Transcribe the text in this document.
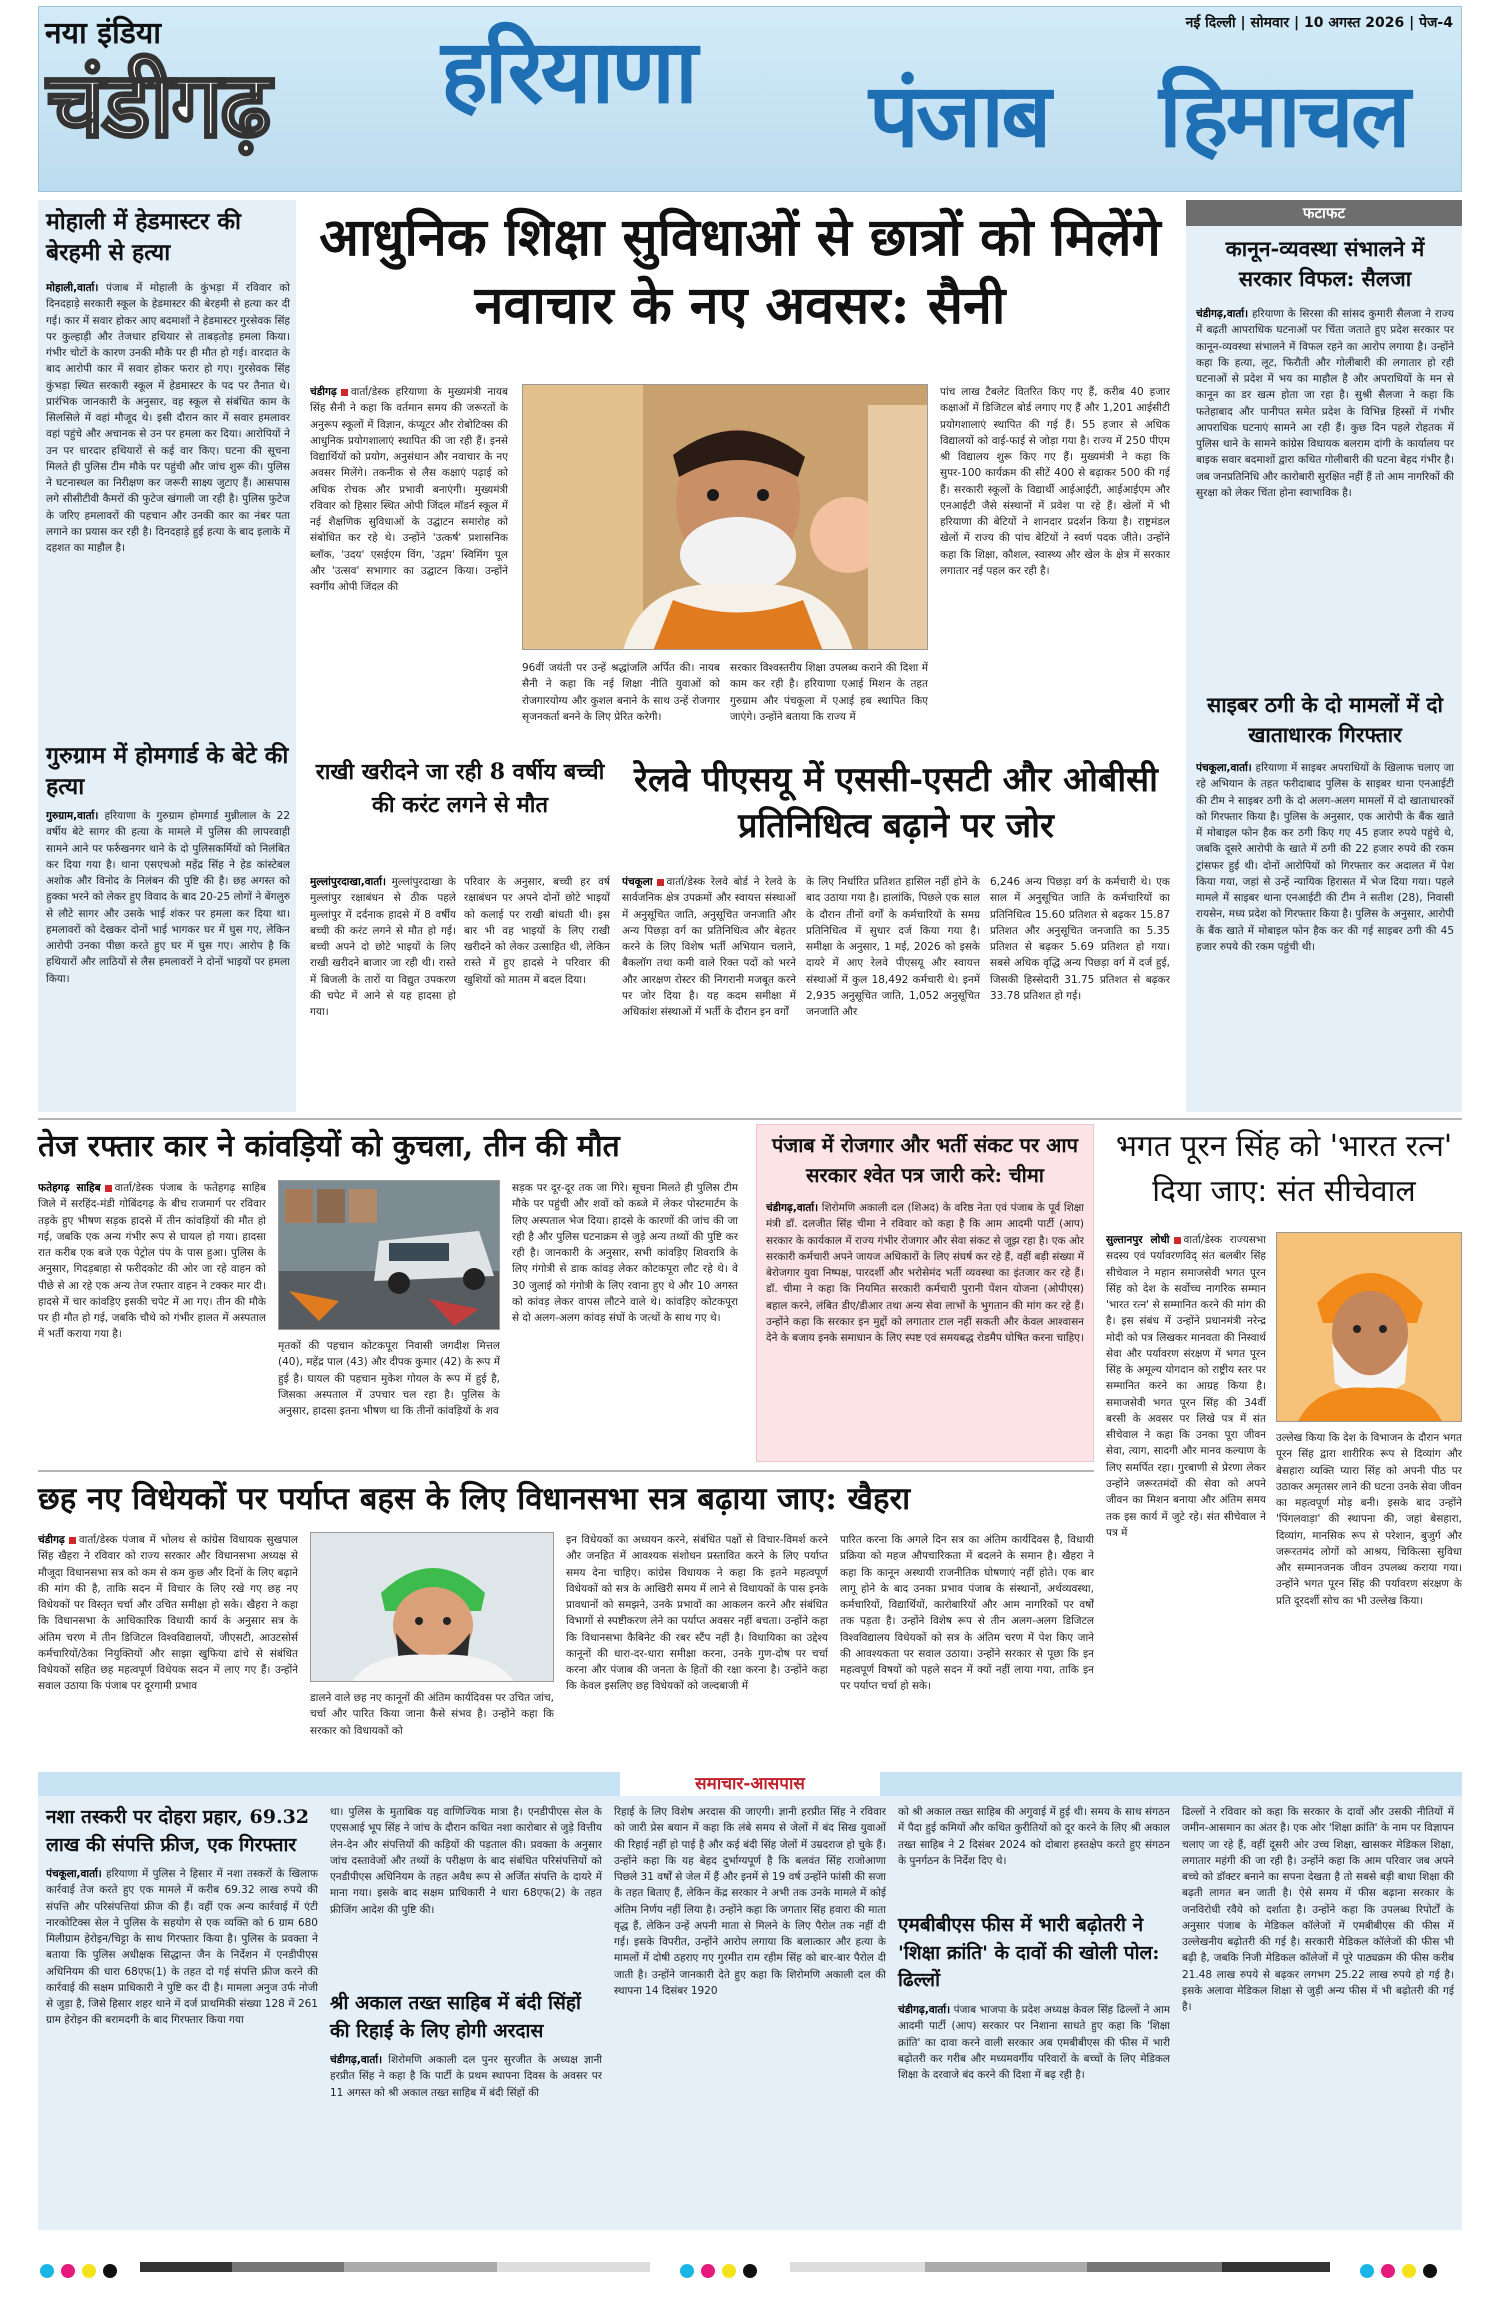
नया इंडिया
चंडीगढ़ हरियाणा पंजाब हिमाचल
नई दिल्ली | सोमवार | 10 अगस्त 2026 | पेज-4
मोहाली में हेडमास्टर की बेरहमी से हत्या
मोहाली,वार्ता। पंजाब में मोहाली के कुंभड़ा में रविवार को दिनदहाड़े सरकारी स्कूल के हेडमास्टर की बेरहमी से हत्या कर दी गई। कार में सवार होकर आए बदमाशों ने हेडमास्टर गुरसेवक सिंह पर कुल्हाड़ी और तेजधार हथियार से ताबड़तोड़ हमला किया। गंभीर चोटों के कारण उनकी मौके पर ही मौत हो गई। वारदात के बाद आरोपी कार में सवार होकर फरार हो गए। गुरसेवक सिंह कुंभड़ा स्थित सरकारी स्कूल में हेडमास्टर के पद पर तैनात थे। प्रारंभिक जानकारी के अनुसार, वह स्कूल से संबंधित काम के सिलसिले में वहां मौजूद थे। इसी दौरान कार में सवार हमलावर वहां पहुंचे और अचानक से उन पर हमला कर दिया। आरोपियों ने उन पर धारदार हथियारों से कई वार किए। घटना की सूचना मिलते ही पुलिस टीम मौके पर पहुंची और जांच शुरू की। पुलिस ने घटनास्थल का निरीक्षण कर जरूरी साक्ष्य जुटाए हैं। आसपास लगे सीसीटीवी कैमरों की फुटेज खंगाली जा रही है। पुलिस फुटेज के जरिए हमलावरों की पहचान और उनकी कार का नंबर पता लगाने का प्रयास कर रही है। दिनदहाड़े हुई हत्या के बाद इलाके में दहशत का माहौल है।
गुरुग्राम में होमगार्ड के बेटे की हत्या
गुरुग्राम,वार्ता। हरियाणा के गुरुग्राम होमगार्ड मुन्नीलाल के 22 वर्षीय बेटे सागर की हत्या के मामले में पुलिस की लापरवाही सामने आने पर फर्रुखनगर थाने के दो पुलिसकर्मियों को निलंबित कर दिया गया है। थाना एसएचओ महेंद्र सिंह ने हेड कांस्टेबल अशोक और विनोद के निलंबन की पुष्टि की है। छह अगस्त को हुक्का भरने को लेकर हुए विवाद के बाद 20-25 लोगों ने बेंगलुरु से लौटे सागर और उसके भाई शंकर पर हमला कर दिया था। हमलावरों को देखकर दोनों भाई भागकर घर में घुस गए, लेकिन आरोपी उनका पीछा करते हुए घर में घुस गए। आरोप है कि हथियारों और लाठियों से लैस हमलावरों ने दोनों भाइयों पर हमला किया।
आधुनिक शिक्षा सुविधाओं से छात्रों को मिलेंगे नवाचार के नए अवसर: सैनी
चंडीगढ़ वार्ता/डेस्क हरियाणा के मुख्यमंत्री नायब सिंह सैनी ने कहा कि वर्तमान समय की जरूरतों के अनुरूप स्कूलों में विज्ञान, कंप्यूटर और रोबोटिक्स की आधुनिक प्रयोगशालाएं स्थापित की जा रही हैं। इनसे विद्यार्थियों को प्रयोग, अनुसंधान और नवाचार के नए अवसर मिलेंगे। तकनीक से लैस कक्षाएं पढ़ाई को अधिक रोचक और प्रभावी बनाएंगी। मुख्यमंत्री रविवार को हिसार स्थित ओपी जिंदल मॉडर्न स्कूल में नई शैक्षणिक सुविधाओं के उद्घाटन समारोह को संबोधित कर रहे थे। उन्होंने 'उत्कर्ष' प्रशासनिक ब्लॉक, 'उदय' एसईएम विंग, 'उद्गम' स्विमिंग पूल और 'उत्सव' सभागार का उद्घाटन किया। उन्होंने स्वर्गीय ओपी जिंदल की
96वीं जयंती पर उन्हें श्रद्धांजलि अर्पित की। नायब सैनी ने कहा कि नई शिक्षा नीति युवाओं को रोजगारयोग्य और कुशल बनाने के साथ उन्हें रोजगार सृजनकर्ता बनने के लिए प्रेरित करेगी।
सरकार विश्वस्तरीय शिक्षा उपलब्ध कराने की दिशा में काम कर रही है। हरियाणा एआई मिशन के तहत गुरुग्राम और पंचकूला में एआई हब स्थापित किए जाएंगे। उन्होंने बताया कि राज्य में
पांच लाख टैबलेट वितरित किए गए हैं, करीब 40 हजार कक्षाओं में डिजिटल बोर्ड लगाए गए हैं और 1,201 आईसीटी प्रयोगशालाएं स्थापित की गई हैं। 55 हजार से अधिक विद्यालयों को वाई-फाई से जोड़ा गया है। राज्य में 250 पीएम श्री विद्यालय शुरू किए गए हैं। मुख्यमंत्री ने कहा कि सुपर-100 कार्यक्रम की सीटें 400 से बढ़ाकर 500 की गई हैं। सरकारी स्कूलों के विद्यार्थी आईआईटी, आईआईएम और एनआईटी जैसे संस्थानों में प्रवेश पा रहे हैं। खेलों में भी हरियाणा की बेटियों ने शानदार प्रदर्शन किया है। राष्ट्रमंडल खेलों में राज्य की पांच बेटियों ने स्वर्ण पदक जीते। उन्होंने कहा कि शिक्षा, कौशल, स्वास्थ्य और खेल के क्षेत्र में सरकार लगातार नई पहल कर रही है।
फटाफट
कानून-व्यवस्था संभालने में सरकार विफल: सैलजा
चंडीगढ़,वार्ता। हरियाणा के सिरसा की सांसद कुमारी सैलजा ने राज्य में बढ़ती आपराधिक घटनाओं पर चिंता जताते हुए प्रदेश सरकार पर कानून-व्यवस्था संभालने में विफल रहने का आरोप लगाया है। उन्होंने कहा कि हत्या, लूट, फिरौती और गोलीबारी की लगातार हो रही घटनाओं से प्रदेश में भय का माहौल है और अपराधियों के मन से कानून का डर खत्म होता जा रहा है। सुश्री सैलजा ने कहा कि फतेहाबाद और पानीपत समेत प्रदेश के विभिन्न हिस्सों में गंभीर आपराधिक घटनाएं सामने आ रही हैं। कुछ दिन पहले रोहतक में पुलिस थाने के सामने कांग्रेस विधायक बलराम दांगी के कार्यालय पर बाइक सवार बदमाशों द्वारा कथित गोलीबारी की घटना बेहद गंभीर है। जब जनप्रतिनिधि और कारोबारी सुरक्षित नहीं हैं तो आम नागरिकों की सुरक्षा को लेकर चिंता होना स्वाभाविक है।
साइबर ठगी के दो मामलों में दो खाताधारक गिरफ्तार
पंचकूला,वार्ता। हरियाणा में साइबर अपराधियों के खिलाफ चलाए जा रहे अभियान के तहत फरीदाबाद पुलिस के साइबर थाना एनआईटी की टीम ने साइबर ठगी के दो अलग-अलग मामलों में दो खाताधारकों को गिरफ्तार किया है। पुलिस के अनुसार, एक आरोपी के बैंक खाते में मोबाइल फोन हैक कर ठगी किए गए 45 हजार रुपये पहुंचे थे, जबकि दूसरे आरोपी के खाते में ठगी की 22 हजार रुपये की रकम ट्रांसफर हुई थी। दोनों आरोपियों को गिरफ्तार कर अदालत में पेश किया गया, जहां से उन्हें न्यायिक हिरासत में भेज दिया गया। पहले मामले में साइबर थाना एनआईटी की टीम ने सतीश (28), निवासी रायसेन, मध्य प्रदेश को गिरफ्तार किया है। पुलिस के अनुसार, आरोपी के बैंक खाते में मोबाइल फोन हैक कर की गई साइबर ठगी की 45 हजार रुपये की रकम पहुंची थी।
राखी खरीदने जा रही 8 वर्षीय बच्ची की करंट लगने से मौत
मुल्लांपुरदाखा,वार्ता। मुल्लांपुरदाखा के मुल्लांपुर रक्षाबंधन से ठीक पहले मुल्लांपुर में दर्दनाक हादसे में 8 वर्षीय बच्ची की करंट लगने से मौत हो गई। बच्ची अपने दो छोटे भाइयों के लिए राखी खरीदने बाजार जा रही थी। रास्ते में बिजली के तारों या विद्युत उपकरण की चपेट में आने से यह हादसा हो गया।
परिवार के अनुसार, बच्ची हर वर्ष रक्षाबंधन पर अपने दोनों छोटे भाइयों को कलाई पर राखी बांधती थी। इस बार भी वह भाइयों के लिए राखी खरीदने को लेकर उत्साहित थी, लेकिन रास्ते में हुए हादसे ने परिवार की खुशियों को मातम में बदल दिया।
रेलवे पीएसयू में एससी-एसटी और ओबीसी प्रतिनिधित्व बढ़ाने पर जोर
पंचकूला वार्ता/डेस्क रेलवे बोर्ड ने रेलवे के सार्वजनिक क्षेत्र उपक्रमों और स्वायत्त संस्थाओं में अनुसूचित जाति, अनुसूचित जनजाति और अन्य पिछड़ा वर्ग का प्रतिनिधित्व और बेहतर करने के लिए विशेष भर्ती अभियान चलाने, बैकलॉग तथा कमी वाले रिक्त पदों को भरने और आरक्षण रोस्टर की निगरानी मजबूत करने पर जोर दिया है। यह कदम समीक्षा में अधिकांश संस्थाओं में भर्ती के दौरान इन वर्गों
के लिए निर्धारित प्रतिशत हासिल नहीं होने के बाद उठाया गया है। हालांकि, पिछले एक साल के दौरान तीनों वर्गों के कर्मचारियों के समग्र प्रतिनिधित्व में सुधार दर्ज किया गया है। समीक्षा के अनुसार, 1 मई, 2026 को इसके दायरे में आए रेलवे पीएसयू और स्वायत्त संस्थाओं में कुल 18,492 कर्मचारी थे। इनमें 2,935 अनुसूचित जाति, 1,052 अनुसूचित जनजाति और
6,246 अन्य पिछड़ा वर्ग के कर्मचारी थे। एक साल में अनुसूचित जाति के कर्मचारियों का प्रतिनिधित्व 15.60 प्रतिशत से बढ़कर 15.87 प्रतिशत और अनुसूचित जनजाति का 5.35 प्रतिशत से बढ़कर 5.69 प्रतिशत हो गया। सबसे अधिक वृद्धि अन्य पिछड़ा वर्ग में दर्ज हुई, जिसकी हिस्सेदारी 31.75 प्रतिशत से बढ़कर 33.78 प्रतिशत हो गई।
तेज रफ्तार कार ने कांवड़ियों को कुचला, तीन की मौत
फतेहगढ़ साहिब वार्ता/डेस्क पंजाब के फतेहगढ़ साहिब जिले में सरहिंद-मंडी गोबिंदगढ़ के बीच राजमार्ग पर रविवार तड़के हुए भीषण सड़क हादसे में तीन कांवड़ियों की मौत हो गई, जबकि एक अन्य गंभीर रूप से घायल हो गया। हादसा रात करीब एक बजे एक पेट्रोल पंप के पास हुआ। पुलिस के अनुसार, गिदड़बाहा से फरीदकोट की ओर जा रहे वाहन को पीछे से आ रहे एक अन्य तेज रफ्तार वाहन ने टक्कर मार दी। हादसे में चार कांवड़िए इसकी चपेट में आ गए। तीन की मौके पर ही मौत हो गई, जबकि चौथे को गंभीर हालत में अस्पताल में भर्ती कराया गया है।
मृतकों की पहचान कोटकपूरा निवासी जगदीश मित्तल (40), महेंद्र पाल (43) और दीपक कुमार (42) के रूप में हुई है। घायल की पहचान मुकेश गोयल के रूप में हुई है, जिसका अस्पताल में उपचार चल रहा है। पुलिस के अनुसार, हादसा इतना भीषण था कि तीनों कांवड़ियों के शव
सड़क पर दूर-दूर तक जा गिरे। सूचना मिलते ही पुलिस टीम मौके पर पहुंची और शवों को कब्जे में लेकर पोस्टमार्टम के लिए अस्पताल भेज दिया। हादसे के कारणों की जांच की जा रही है और पुलिस घटनाक्रम से जुड़े अन्य तथ्यों की पुष्टि कर रही है। जानकारी के अनुसार, सभी कांवड़िए शिवरात्रि के लिए गंगोत्री से डाक कांवड़ लेकर कोटकपूरा लौट रहे थे। वे 30 जुलाई को गंगोत्री के लिए रवाना हुए थे और 10 अगस्त को कांवड़ लेकर वापस लौटने वाले थे। कांवड़िए कोटकपूरा से दो अलग-अलग कांवड़ संघों के जत्थों के साथ गए थे।
पंजाब में रोजगार और भर्ती संकट पर आप सरकार श्वेत पत्र जारी करे: चीमा
चंडीगढ़,वार्ता। शिरोमणि अकाली दल (शिअद) के वरिष्ठ नेता एवं पंजाब के पूर्व शिक्षा मंत्री डॉ. दलजीत सिंह चीमा ने रविवार को कहा है कि आम आदमी पार्टी (आप) सरकार के कार्यकाल में राज्य गंभीर रोजगार और सेवा संकट से जूझ रहा है। एक ओर सरकारी कर्मचारी अपने जायज अधिकारों के लिए संघर्ष कर रहे हैं, वहीं बड़ी संख्या में बेरोजगार युवा निष्पक्ष, पारदर्शी और भरोसेमंद भर्ती व्यवस्था का इंतजार कर रहे हैं। डॉ. चीमा ने कहा कि नियमित सरकारी कर्मचारी पुरानी पेंशन योजना (ओपीएस) बहाल करने, लंबित डीए/डीआर तथा अन्य सेवा लाभों के भुगतान की मांग कर रहे हैं। उन्होंने कहा कि सरकार इन मुद्दों को लगातार टाल नहीं सकती और केवल आश्वासन देने के बजाय इनके समाधान के लिए स्पष्ट एवं समयबद्ध रोडमैप घोषित करना चाहिए।
भगत पूरन सिंह को 'भारत रत्न' दिया जाए: संत सीचेवाल
सुल्तानपुर लोधी वार्ता/डेस्क राज्यसभा सदस्य एवं पर्यावरणविद् संत बलबीर सिंह सीचेवाल ने महान समाजसेवी भगत पूरन सिंह को देश के सर्वोच्च नागरिक सम्मान 'भारत रत्न' से सम्मानित करने की मांग की है। इस संबंध में उन्होंने प्रधानमंत्री नरेन्द्र मोदी को पत्र लिखकर मानवता की निस्वार्थ सेवा और पर्यावरण संरक्षण में भगत पूरन सिंह के अमूल्य योगदान को राष्ट्रीय स्तर पर सम्मानित करने का आग्रह किया है। समाजसेवी भगत पूरन सिंह की 34वीं बरसी के अवसर पर लिखे पत्र में संत सीचेवाल ने कहा कि उनका पूरा जीवन सेवा, त्याग, सादगी और मानव कल्याण के लिए समर्पित रहा। गुरबाणी से प्रेरणा लेकर उन्होंने जरूरतमंदों की सेवा को अपने जीवन का मिशन बनाया और अंतिम समय तक इस कार्य में जुटे रहे। संत सीचेवाल ने पत्र में
उल्लेख किया कि देश के विभाजन के दौरान भगत पूरन सिंह द्वारा शारीरिक रूप से दिव्यांग और बेसहारा व्यक्ति प्यारा सिंह को अपनी पीठ पर उठाकर अमृतसर लाने की घटना उनके सेवा जीवन का महत्वपूर्ण मोड़ बनी। इसके बाद उन्होंने 'पिंगलवाड़ा' की स्थापना की, जहां बेसहारा, दिव्यांग, मानसिक रूप से परेशान, बुजुर्ग और जरूरतमंद लोगों को आश्रय, चिकित्सा सुविधा और सम्मानजनक जीवन उपलब्ध कराया गया। उन्होंने भगत पूरन सिंह की पर्यावरण संरक्षण के प्रति दूरदर्शी सोच का भी उल्लेख किया।
छह नए विधेयकों पर पर्याप्त बहस के लिए विधानसभा सत्र बढ़ाया जाए: खैहरा
चंडीगढ़ वार्ता/डेस्क पंजाब में भोलथ से कांग्रेस विधायक सुखपाल सिंह खैहरा ने रविवार को राज्य सरकार और विधानसभा अध्यक्ष से मौजूदा विधानसभा सत्र को कम से कम कुछ और दिनों के लिए बढ़ाने की मांग की है, ताकि सदन में विचार के लिए रखे गए छह नए विधेयकों पर विस्तृत चर्चा और उचित समीक्षा हो सके। खैहरा ने कहा कि विधानसभा के आधिकारिक विधायी कार्य के अनुसार सत्र के अंतिम चरण में तीन डिजिटल विश्वविद्यालयों, जीएसटी, आउटसोर्स कर्मचारियों/ठेका नियुक्तियों और साझा खुफिया ढांचे से संबंधित विधेयकों सहित छह महत्वपूर्ण विधेयक सदन में लाए गए हैं। उन्होंने सवाल उठाया कि पंजाब पर दूरगामी प्रभाव
डालने वाले छह नए कानूनों की अंतिम कार्यदिवस पर उचित जांच, चर्चा और पारित किया जाना कैसे संभव है। उन्होंने कहा कि सरकार को विधायकों को
इन विधेयकों का अध्ययन करने, संबंधित पक्षों से विचार-विमर्श करने और जनहित में आवश्यक संशोधन प्रस्तावित करने के लिए पर्याप्त समय देना चाहिए। कांग्रेस विधायक ने कहा कि इतने महत्वपूर्ण विधेयकों को सत्र के आखिरी समय में लाने से विधायकों के पास इनके प्रावधानों को समझने, उनके प्रभावों का आकलन करने और संबंधित विभागों से स्पष्टीकरण लेने का पर्याप्त अवसर नहीं बचता। उन्होंने कहा कि विधानसभा कैबिनेट की रबर स्टैंप नहीं है। विधायिका का उद्देश्य कानूनों की धारा-दर-धारा समीक्षा करना, उनके गुण-दोष पर चर्चा करना और पंजाब की जनता के हितों की रक्षा करना है। उन्होंने कहा कि केवल इसलिए छह विधेयकों को जल्दबाजी में
पारित करना कि अगले दिन सत्र का अंतिम कार्यदिवस है, विधायी प्रक्रिया को महज औपचारिकता में बदलने के समान है। खैहरा ने कहा कि कानून अस्थायी राजनीतिक घोषणाएं नहीं होते। एक बार लागू होने के बाद उनका प्रभाव पंजाब के संस्थानों, अर्थव्यवस्था, कर्मचारियों, विद्यार्थियों, कारोबारियों और आम नागरिकों पर वर्षों तक पड़ता है। उन्होंने विशेष रूप से तीन अलग-अलग डिजिटल विश्वविद्यालय विधेयकों को सत्र के अंतिम चरण में पेश किए जाने की आवश्यकता पर सवाल उठाया। उन्होंने सरकार से पूछा कि इन महत्वपूर्ण विषयों को पहले सदन में क्यों नहीं लाया गया, ताकि इन पर पर्याप्त चर्चा हो सके।
समाचार-आसपास
नशा तस्करी पर दोहरा प्रहार, 69.32 लाख की संपत्ति फ्रीज, एक गिरफ्तार
पंचकूला,वार्ता। हरियाणा में पुलिस ने हिसार में नशा तस्करों के खिलाफ कार्रवाई तेज करते हुए एक मामले में करीब 69.32 लाख रुपये की संपत्ति और परिसंपत्तियां फ्रीज की हैं। वहीं एक अन्य कार्रवाई में एंटी नारकोटिक्स सेल ने पुलिस के सहयोग से एक व्यक्ति को 6 ग्राम 680 मिलीग्राम हेरोइन/चिट्टा के साथ गिरफ्तार किया है। पुलिस के प्रवक्ता ने बताया कि पुलिस अधीक्षक सिद्धान्त जैन के निर्देशन में एनडीपीएस अधिनियम की धारा 68एफ(1) के तहत दो गई संपत्ति फ्रीज करने की कार्रवाई की सक्षम प्राधिकारी ने पुष्टि कर दी है। मामला अनुज उर्फ नोजी से जुड़ा है, जिसे हिसार शहर थाने में दर्ज प्राथमिकी संख्या 128 में 261 ग्राम हेरोइन की बरामदगी के बाद गिरफ्तार किया गया
था। पुलिस के मुताबिक यह वाणिज्यिक मात्रा है। एनडीपीएस सेल के एएसआई भूप सिंह ने जांच के दौरान कथित नशा कारोबार से जुड़े वित्तीय लेन-देन और संपत्तियों की कड़ियों की पड़ताल की। प्रवक्ता के अनुसार जांच दस्तावेजों और तथ्यों के परीक्षण के बाद संबंधित परिसंपत्तियों को एनडीपीएस अधिनियम के तहत अवैध रूप से अर्जित संपत्ति के दायरे में माना गया। इसके बाद सक्षम प्राधिकारी ने धारा 68एफ(2) के तहत फ्रीजिंग आदेश की पुष्टि की।
श्री अकाल तख्त साहिब में बंदी सिंहों की रिहाई के लिए होगी अरदास
चंडीगढ़,वार्ता। शिरोमणि अकाली दल पुनर सुरजीत के अध्यक्ष ज्ञानी हरप्रीत सिंह ने कहा है कि पार्टी के प्रथम स्थापना दिवस के अवसर पर 11 अगस्त को श्री अकाल तख्त साहिब में बंदी सिंहों की
रिहाई के लिए विशेष अरदास की जाएगी। ज्ञानी हरप्रीत सिंह ने रविवार को जारी प्रेस बयान में कहा कि लंबे समय से जेलों में बंद सिख युवाओं की रिहाई नहीं हो पाई है और कई बंदी सिंह जेलों में उम्रदराज हो चुके हैं। उन्होंने कहा कि यह बेहद दुर्भाग्यपूर्ण है कि बलवंत सिंह राजोआणा पिछले 31 वर्षों से जेल में हैं और इनमें से 19 वर्ष उन्होंने फांसी की सजा के तहत बिताए हैं, लेकिन केंद्र सरकार ने अभी तक उनके मामले में कोई अंतिम निर्णय नहीं लिया है। उन्होंने कहा कि जगतार सिंह हवारा की माता वृद्ध हैं, लेकिन उन्हें अपनी माता से मिलने के लिए पैरोल तक नहीं दी गई। इसके विपरीत, उन्होंने आरोप लगाया कि बलात्कार और हत्या के मामलों में दोषी ठहराए गए गुरमीत राम रहीम सिंह को बार-बार पैरोल दी जाती है। उन्होंने जानकारी देते हुए कहा कि शिरोमणि अकाली दल की स्थापना 14 दिसंबर 1920
को श्री अकाल तख्त साहिब की अगुवाई में हुई थी। समय के साथ संगठन में पैदा हुई कमियों और कथित कुरीतियों को दूर करने के लिए श्री अकाल तख्त साहिब ने 2 दिसंबर 2024 को दोबारा हस्तक्षेप करते हुए संगठन के पुनर्गठन के निर्देश दिए थे।
एमबीबीएस फीस में भारी बढ़ोतरी ने 'शिक्षा क्रांति' के दावों की खोली पोल: ढिल्लों
चंडीगढ़,वार्ता। पंजाब भाजपा के प्रदेश अध्यक्ष केवल सिंह ढिल्लों ने आम आदमी पार्टी (आप) सरकार पर निशाना साधते हुए कहा कि 'शिक्षा क्रांति' का दावा करने वाली सरकार अब एमबीबीएस की फीस में भारी बढ़ोतरी कर गरीब और मध्यमवर्गीय परिवारों के बच्चों के लिए मेडिकल शिक्षा के दरवाजे बंद करने की दिशा में बढ़ रही है।
ढिल्लों ने रविवार को कहा कि सरकार के दावों और उसकी नीतियों में जमीन-आसमान का अंतर है। एक ओर 'शिक्षा क्रांति' के नाम पर विज्ञापन चलाए जा रहे हैं, वहीं दूसरी ओर उच्च शिक्षा, खासकर मेडिकल शिक्षा, लगातार महंगी की जा रही है। उन्होंने कहा कि आम परिवार जब अपने बच्चे को डॉक्टर बनाने का सपना देखता है तो सबसे बड़ी बाधा शिक्षा की बढ़ती लागत बन जाती है। ऐसे समय में फीस बढ़ाना सरकार के जनविरोधी रवैये को दर्शाता है। उन्होंने कहा कि उपलब्ध रिपोर्टों के अनुसार पंजाब के मेडिकल कॉलेजों में एमबीबीएस की फीस में उल्लेखनीय बढ़ोतरी की गई है। सरकारी मेडिकल कॉलेजों की फीस भी बढ़ी है, जबकि निजी मेडिकल कॉलेजों में पूरे पाठ्यक्रम की फीस करीब 21.48 लाख रुपये से बढ़कर लगभग 25.22 लाख रुपये हो गई है। इसके अलावा मेडिकल शिक्षा से जुड़ी अन्य फीस में भी बढ़ोतरी की गई है।
